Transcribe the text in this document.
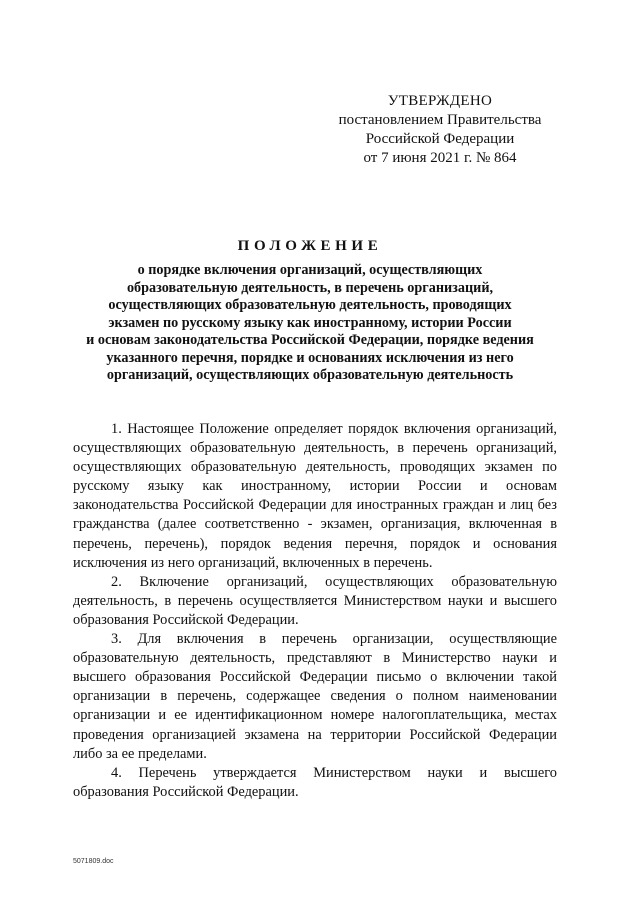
УТВЕРЖДЕНО
постановлением Правительства
Российской Федерации
от 7 июня 2021 г. № 864
ПОЛОЖЕНИЕ
о порядке включения организаций, осуществляющих
образовательную деятельность, в перечень организаций,
осуществляющих образовательную деятельность, проводящих
экзамен по русскому языку как иностранному, истории России
и основам законодательства Российской Федерации, порядке ведения
указанного перечня, порядке и основаниях исключения из него
организаций, осуществляющих образовательную деятельность

1. Настоящее Положение определяет порядок включения организаций, осуществляющих образовательную деятельность, в перечень организаций, осуществляющих образовательную деятельность, проводящих экзамен по русскому языку как иностранному, истории России и основам законодательства Российской Федерации для иностранных граждан и лиц без гражданства (далее соответственно - экзамен, организация, включенная в перечень, перечень), порядок ведения перечня, порядок и основания исключения из него организаций, включенных в перечень.

2. Включение организаций, осуществляющих образовательную деятельность, в перечень осуществляется Министерством науки и высшего образования Российской Федерации.

3. Для включения в перечень организации, осуществляющие образовательную деятельность, представляют в Министерство науки и высшего образования Российской Федерации письмо о включении такой организации в перечень, содержащее сведения о полном наименовании организации и ее идентификационном номере налогоплательщика, местах проведения организацией экзамена на территории Российской Федерации либо за ее пределами.

4. Перечень утверждается Министерством науки и высшего образования Российской Федерации.

5071809.doc
